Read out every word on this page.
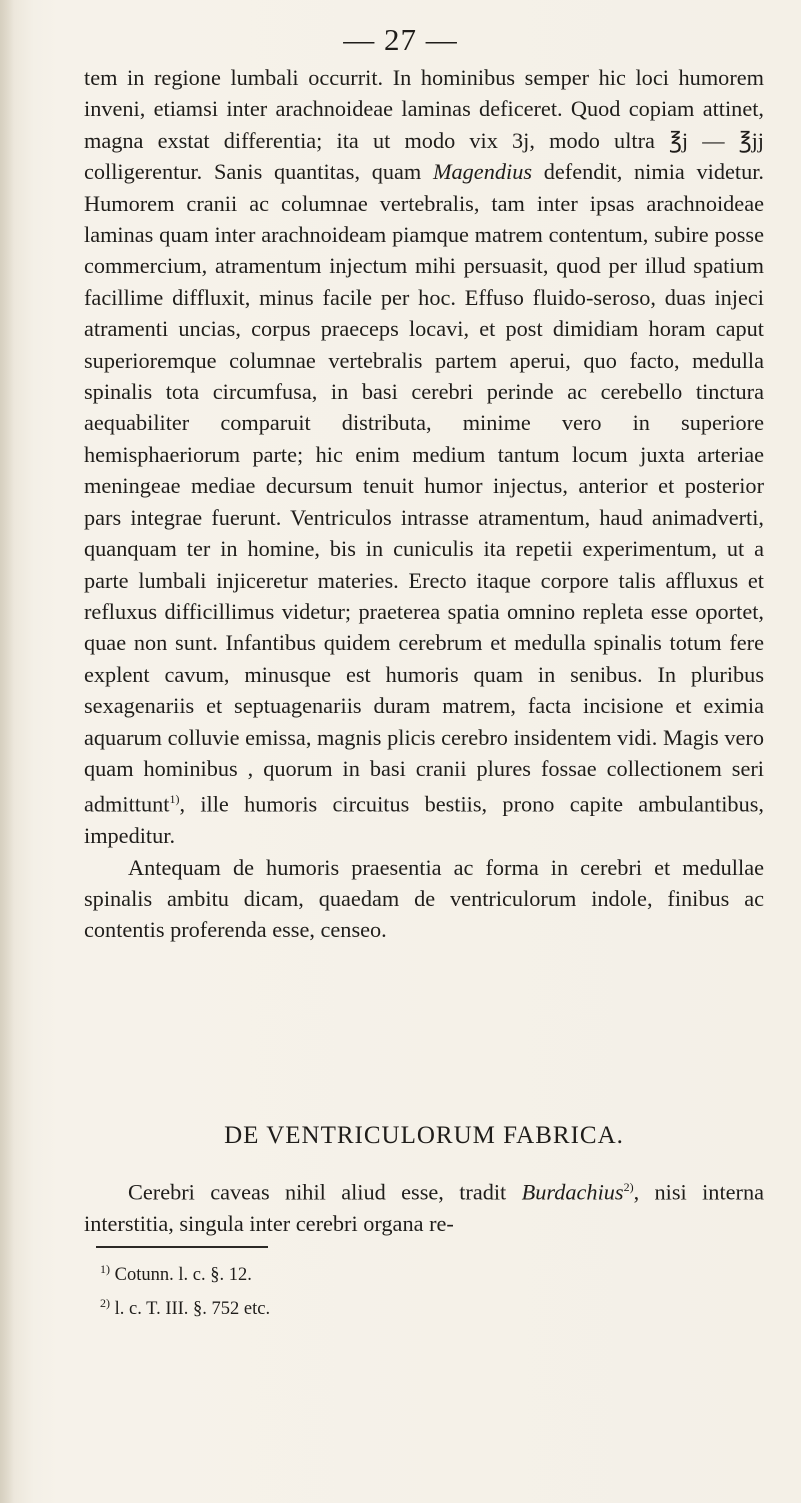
— 27 —

tem in regione lumbali occurrit. In hominibus semper hic loci humorem inveni, etiamsi inter arachnoideae laminas deficeret. Quod copiam attinet, magna exstat differentia; ita ut modo vix 3j, modo ultra ℥j — ℥jj colligerentur. Sanis quantitas, quam Magendius defendit, nimia videtur. Humorem cranii ac columnae vertebralis, tam inter ipsas arachnoideae laminas quam inter arachnoideam piamque matrem contentum, subire posse commercium, atramentum injectum mihi persuasit, quod per illud spatium facillime diffluxit, minus facile per hoc. Effuso fluido-seroso, duas injeci atramenti uncias, corpus praeceps locavi, et post dimidiam horam caput superioremque columnae vertebralis partem aperui, quo facto, medulla spinalis tota circumfusa, in basi cerebri perinde ac cerebello tinctura aequabiliter comparuit distributa, minime vero in superiore hemisphaeriorum parte; hic enim medium tantum locum juxta arteriae meningeae mediae decursum tenuit humor injectus, anterior et posterior pars integrae fuerunt. Ventriculos intrasse atramentum, haud animadverti, quanquam ter in homine, bis in cuniculis ita repetii experimentum, ut a parte lumbali injiceretur materies. Erecto itaque corpore talis affluxus et refluxus difficillimus videtur; praeterea spatia omnino repleta esse oportet, quae non sunt. Infantibus quidem cerebrum et medulla spinalis totum fere explent cavum, minusque est humoris quam in senibus. In pluribus sexagenariis et septuagenariis duram matrem, facta incisione et eximia aquarum colluvie emissa, magnis plicis cerebro insidentem vidi. Magis vero quam hominibus , quorum in basi cranii plures fossae collectionem seri admittunt$^{1)}$, ille humoris circuitus bestiis, prono capite ambulantibus, impeditur.

Antequam de humoris praesentia ac forma in cerebri et medullae spinalis ambitu dicam, quaedam de ventriculorum indole, finibus ac contentis proferenda esse, censeo.

DE VENTRICULORUM FABRICA.

Cerebri caveas nihil aliud esse, tradit Burdachius$^{2)}$, nisi interna interstitia, singula inter cerebri organa re-

$^{1)}$ Cotunn. l. c. §. 12.

$^{2)}$ l. c. T. III. §. 752 etc.
